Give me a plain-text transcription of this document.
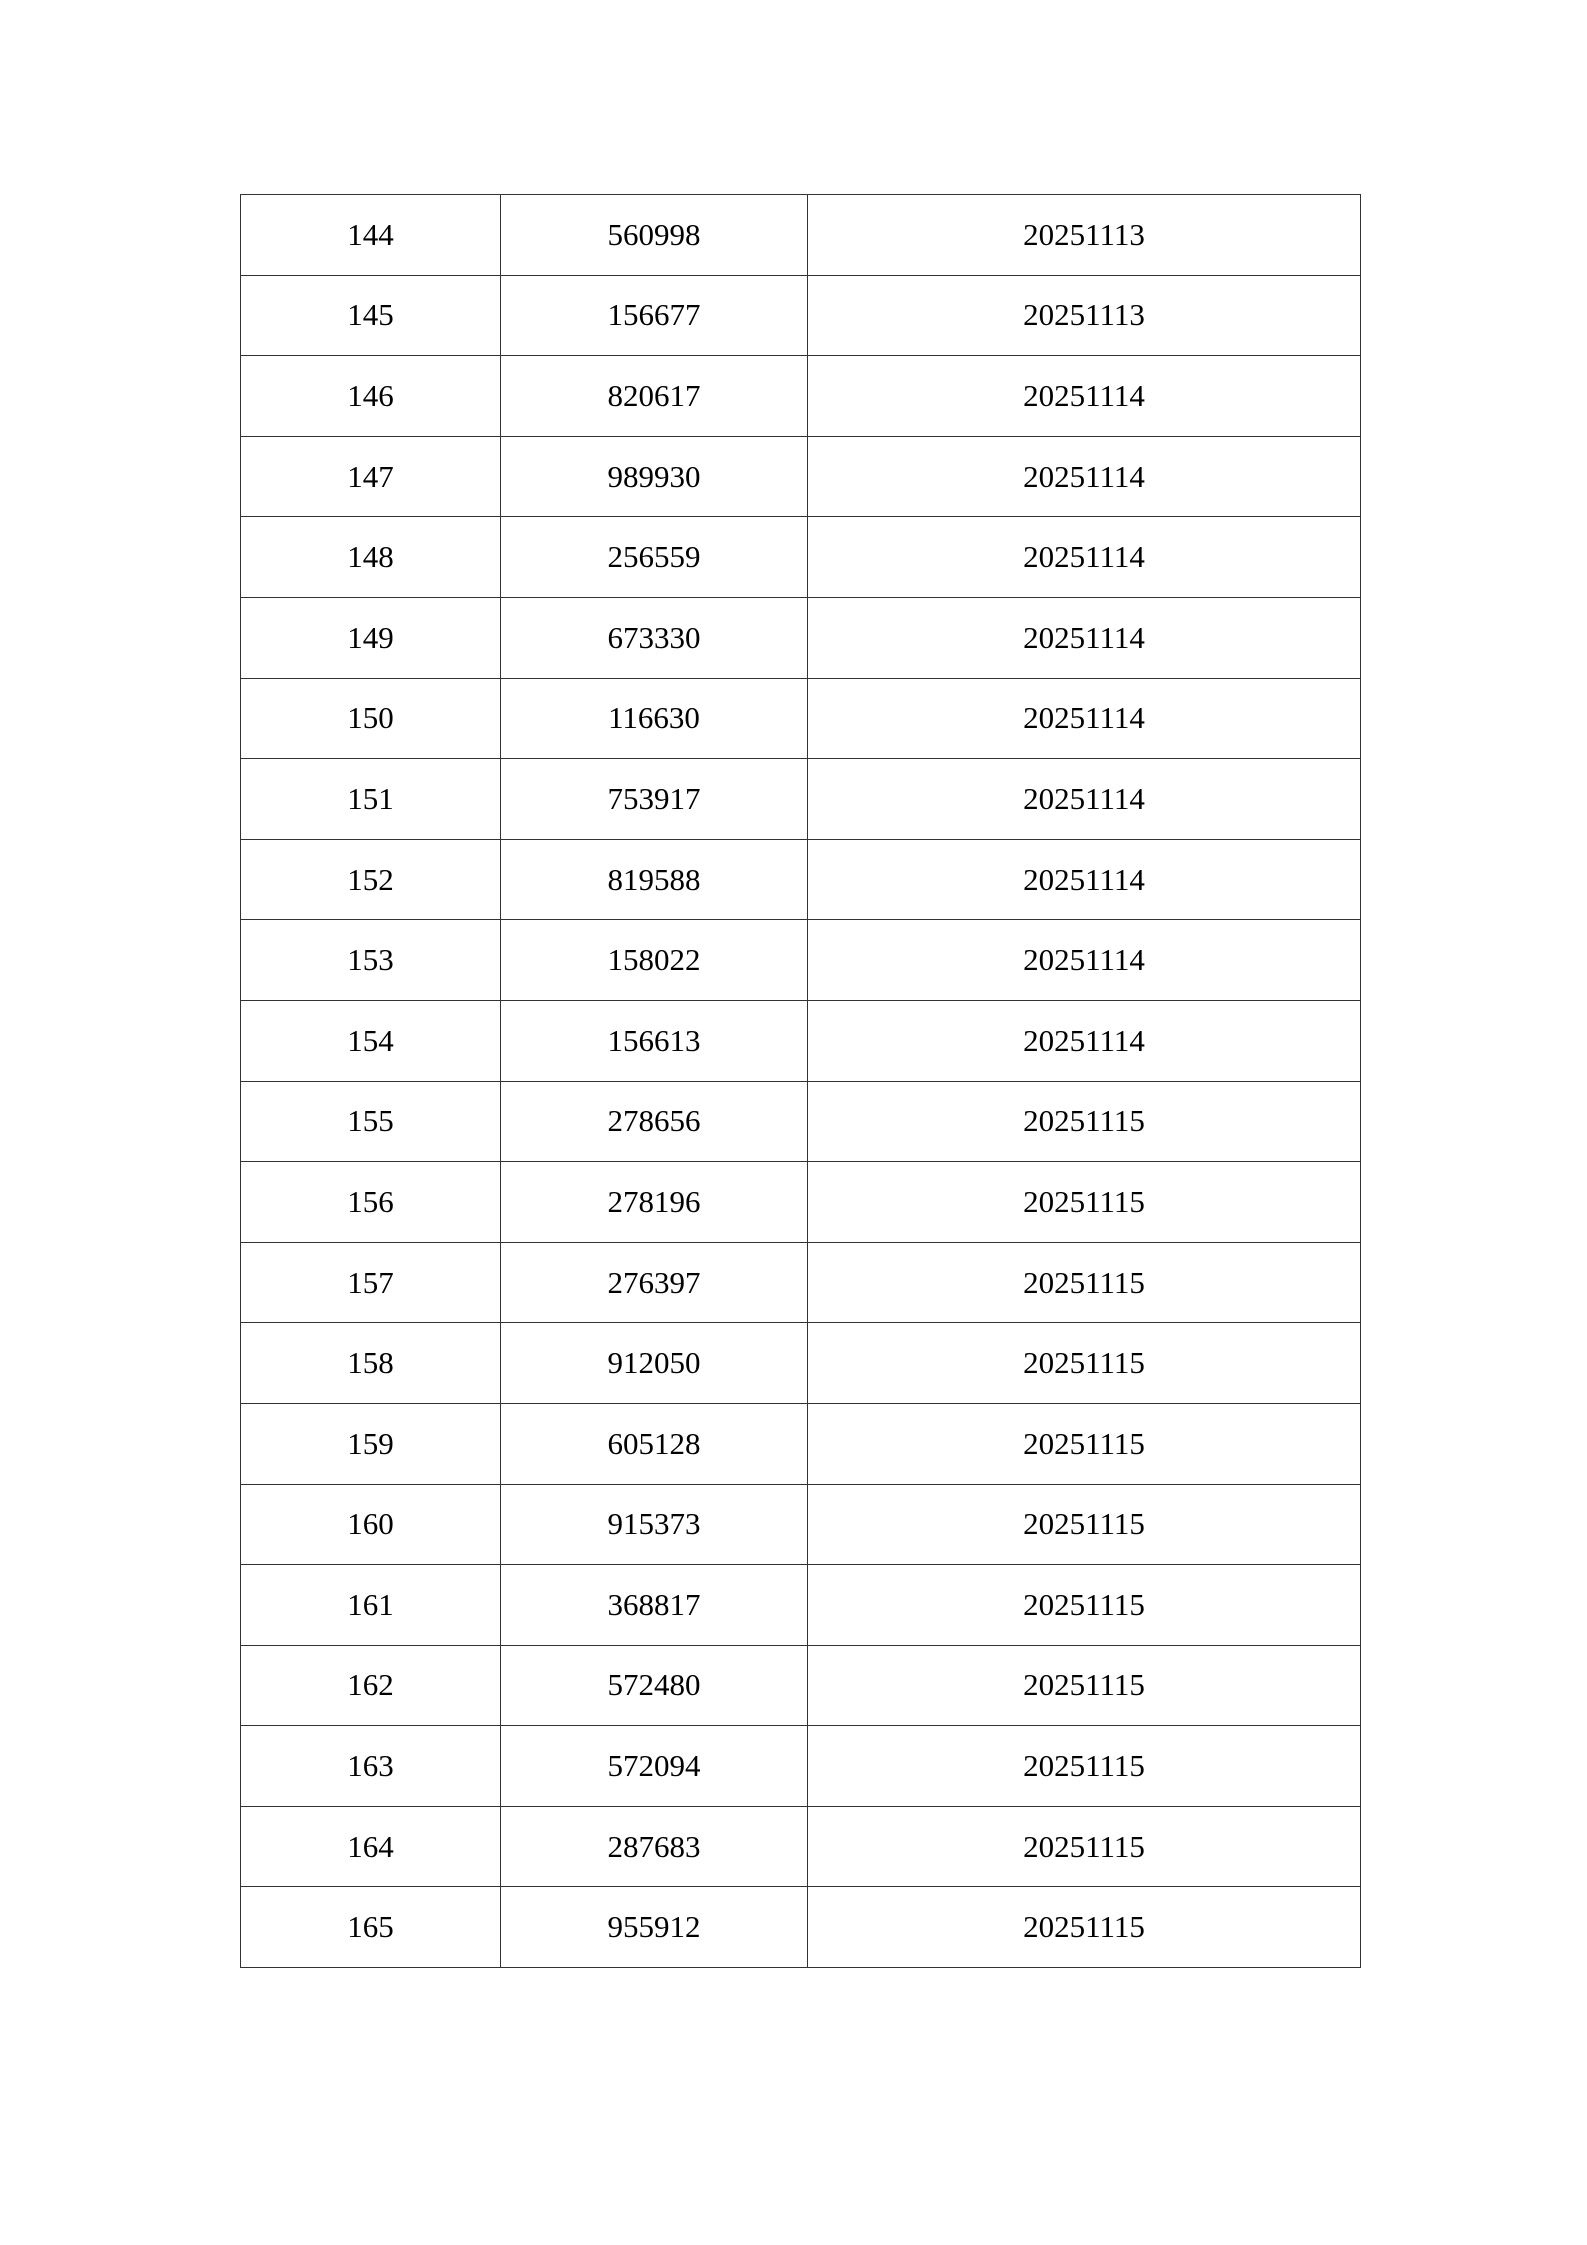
144	560998	20251113
145	156677	20251113
146	820617	20251114
147	989930	20251114
148	256559	20251114
149	673330	20251114
150	116630	20251114
151	753917	20251114
152	819588	20251114
153	158022	20251114
154	156613	20251114
155	278656	20251115
156	278196	20251115
157	276397	20251115
158	912050	20251115
159	605128	20251115
160	915373	20251115
161	368817	20251115
162	572480	20251115
163	572094	20251115
164	287683	20251115
165	955912	20251115
